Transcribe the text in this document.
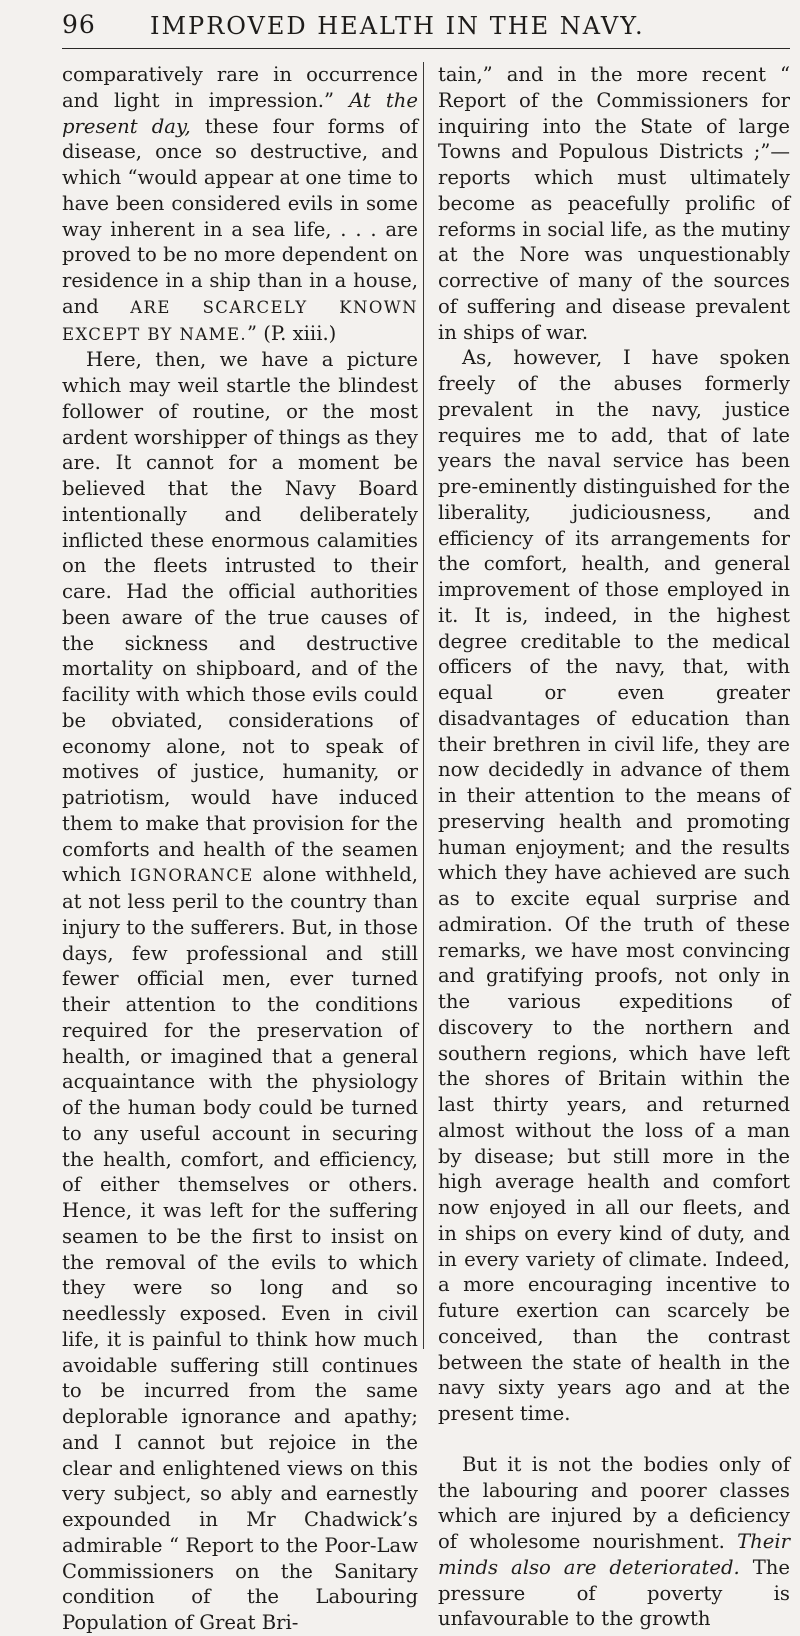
96 IMPROVED HEALTH IN THE NAVY.

comparatively rare in occurrence and light in impression.” At the present day, these four forms of disease, once so destructive, and which “would appear at one time to have been considered evils in some way inherent in a sea life, . . . are proved to be no more dependent on residence in a ship than in a house, and ARE SCARCELY KNOWN EXCEPT BY NAME.” (P. xiii.)

Here, then, we have a picture which may weil startle the blindest follower of routine, or the most ardent worshipper of things as they are. It cannot for a moment be believed that the Navy Board intentionally and deliberately inflicted these enormous calamities on the fleets intrusted to their care. Had the official authorities been aware of the true causes of the sickness and destructive mortality on shipboard, and of the facility with which those evils could be obviated, considerations of economy alone, not to speak of motives of justice, humanity, or patriotism, would have induced them to make that provision for the comforts and health of the seamen which IGNORANCE alone withheld, at not less peril to the country than injury to the sufferers. But, in those days, few professional and still fewer official men, ever turned their attention to the conditions required for the preservation of health, or imagined that a general acquaintance with the physiology of the human body could be turned to any useful account in securing the health, comfort, and efficiency, of either themselves or others. Hence, it was left for the suffering seamen to be the first to insist on the removal of the evils to which they were so long and so needlessly exposed. Even in civil life, it is painful to think how much avoidable suffering still continues to be incurred from the same deplorable ignorance and apathy; and I cannot but rejoice in the clear and enlightened views on this very subject, so ably and earnestly expounded in Mr Chadwick’s admirable “ Report to the Poor-Law Commissioners on the Sanitary condition of the Labouring Population of Great Bri-

tain,” and in the more recent “ Report of the Commissioners for inquiring into the State of large Towns and Populous Districts ;”—reports which must ultimately become as peacefully prolific of reforms in social life, as the mutiny at the Nore was unquestionably corrective of many of the sources of suffering and disease prevalent in ships of war.

As, however, I have spoken freely of the abuses formerly prevalent in the navy, justice requires me to add, that of late years the naval service has been pre-eminently distinguished for the liberality, judiciousness, and efficiency of its arrangements for the comfort, health, and general improvement of those employed in it. It is, indeed, in the highest degree creditable to the medical officers of the navy, that, with equal or even greater disadvantages of education than their brethren in civil life, they are now decidedly in advance of them in their attention to the means of preserving health and promoting human enjoyment; and the results which they have achieved are such as to excite equal surprise and admiration. Of the truth of these remarks, we have most convincing and gratifying proofs, not only in the various expeditions of discovery to the northern and southern regions, which have left the shores of Britain within the last thirty years, and returned almost without the loss of a man by disease; but still more in the high average health and comfort now enjoyed in all our fleets, and in ships on every kind of duty, and in every variety of climate. Indeed, a more encouraging incentive to future exertion can scarcely be conceived, than the contrast between the state of health in the navy sixty years ago and at the present time.

But it is not the bodies only of the labouring and poorer classes which are injured by a deficiency of wholesome nourishment. Their minds also are deteriorated. The pressure of poverty is unfavourable to the growth
